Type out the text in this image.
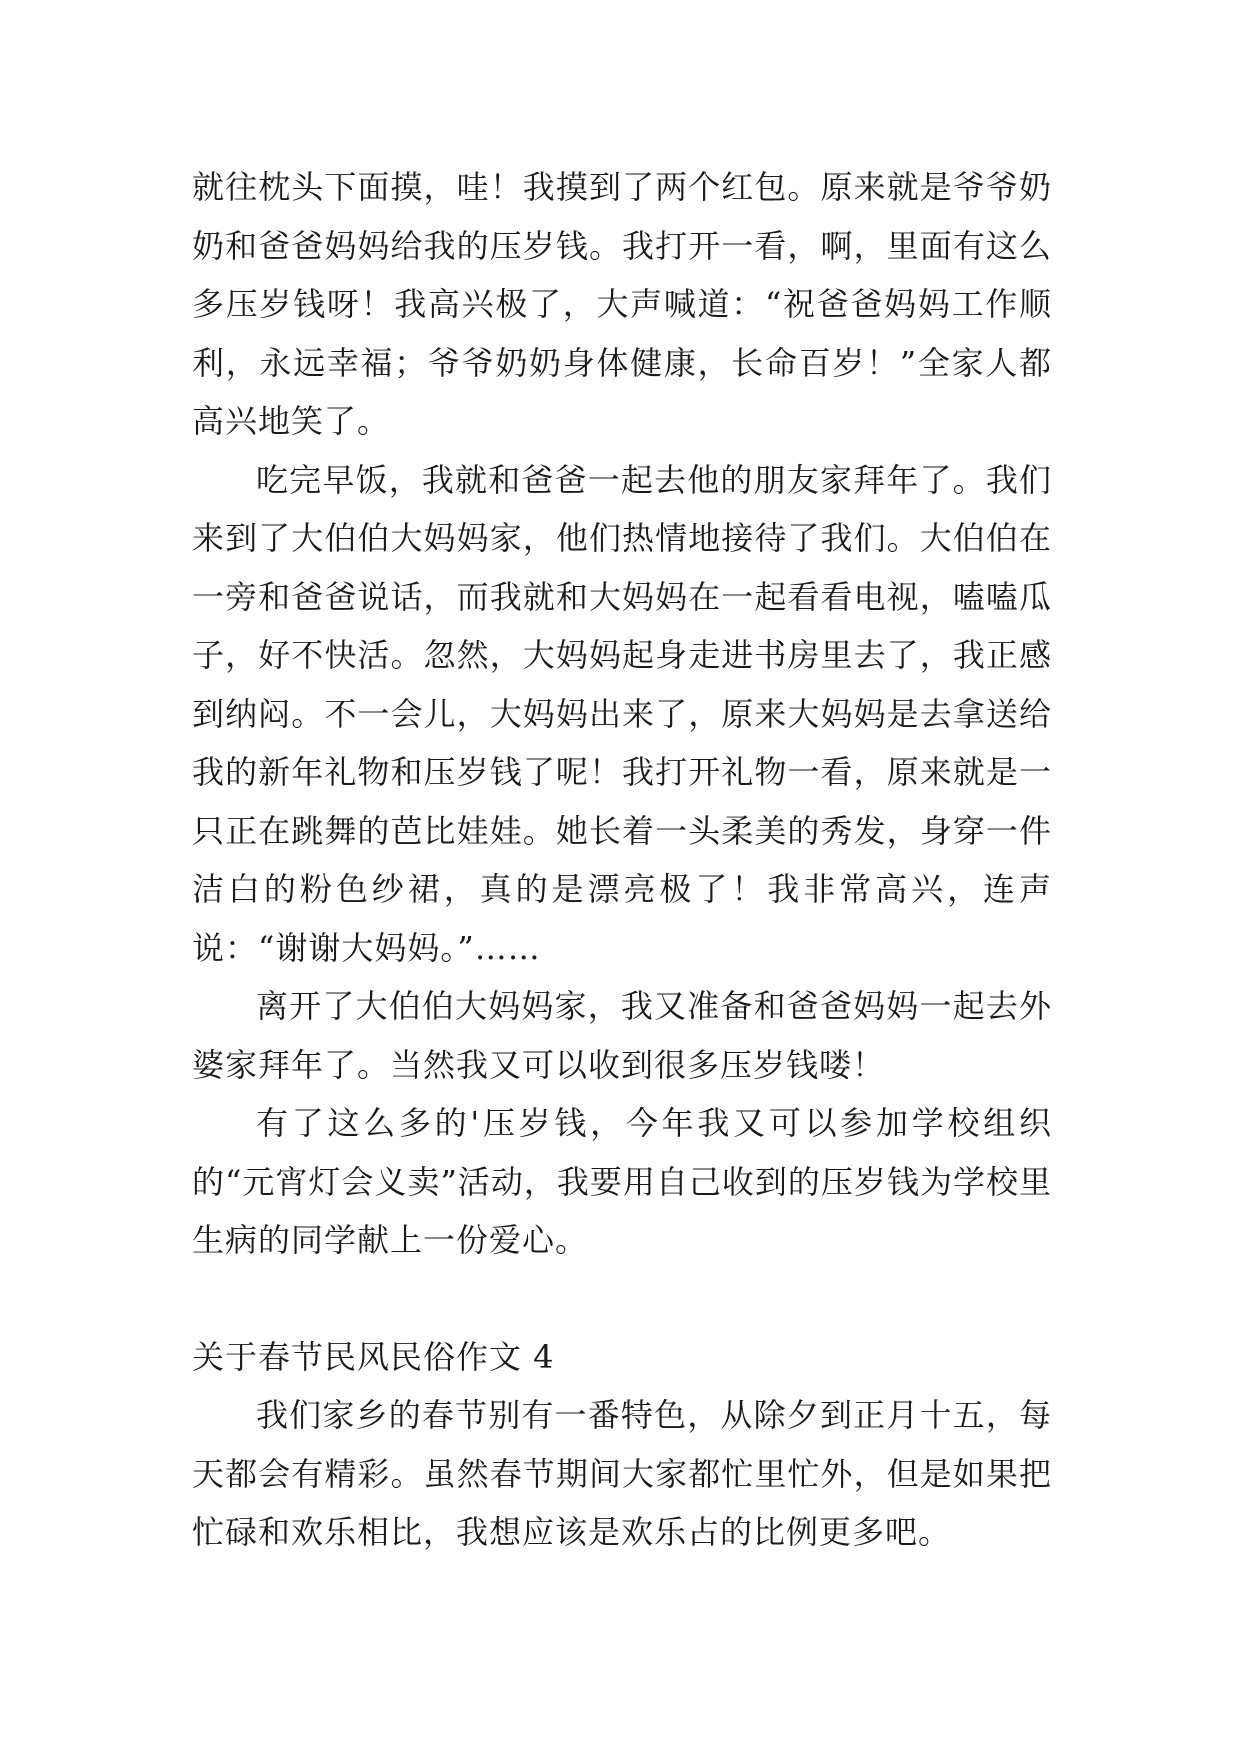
就往枕头下面摸，哇！我摸到了两个红包。原来就是爷爷奶奶和爸爸妈妈给我的压岁钱。我打开一看，啊，里面有这么多压岁钱呀！我高兴极了，大声喊道：“祝爸爸妈妈工作顺利，永远幸福；爷爷奶奶身体健康，长命百岁！”全家人都高兴地笑了。

吃完早饭，我就和爸爸一起去他的朋友家拜年了。我们来到了大伯伯大妈妈家，他们热情地接待了我们。大伯伯在一旁和爸爸说话，而我就和大妈妈在一起看看电视，嗑嗑瓜子，好不快活。忽然，大妈妈起身走进书房里去了，我正感到纳闷。不一会儿，大妈妈出来了，原来大妈妈是去拿送给我的新年礼物和压岁钱了呢！我打开礼物一看，原来就是一只正在跳舞的芭比娃娃。她长着一头柔美的秀发，身穿一件洁白的粉色纱裙，真的是漂亮极了！我非常高兴，连声说：“谢谢大妈妈。”……

离开了大伯伯大妈妈家，我又准备和爸爸妈妈一起去外婆家拜年了。当然我又可以收到很多压岁钱喽！

有了这么多的'压岁钱，今年我又可以参加学校组织的“元宵灯会义卖”活动，我要用自己收到的压岁钱为学校里生病的同学献上一份爱心。

关于春节民风民俗作文 4

我们家乡的春节别有一番特色，从除夕到正月十五，每天都会有精彩。虽然春节期间大家都忙里忙外，但是如果把忙碌和欢乐相比，我想应该是欢乐占的比例更多吧。
